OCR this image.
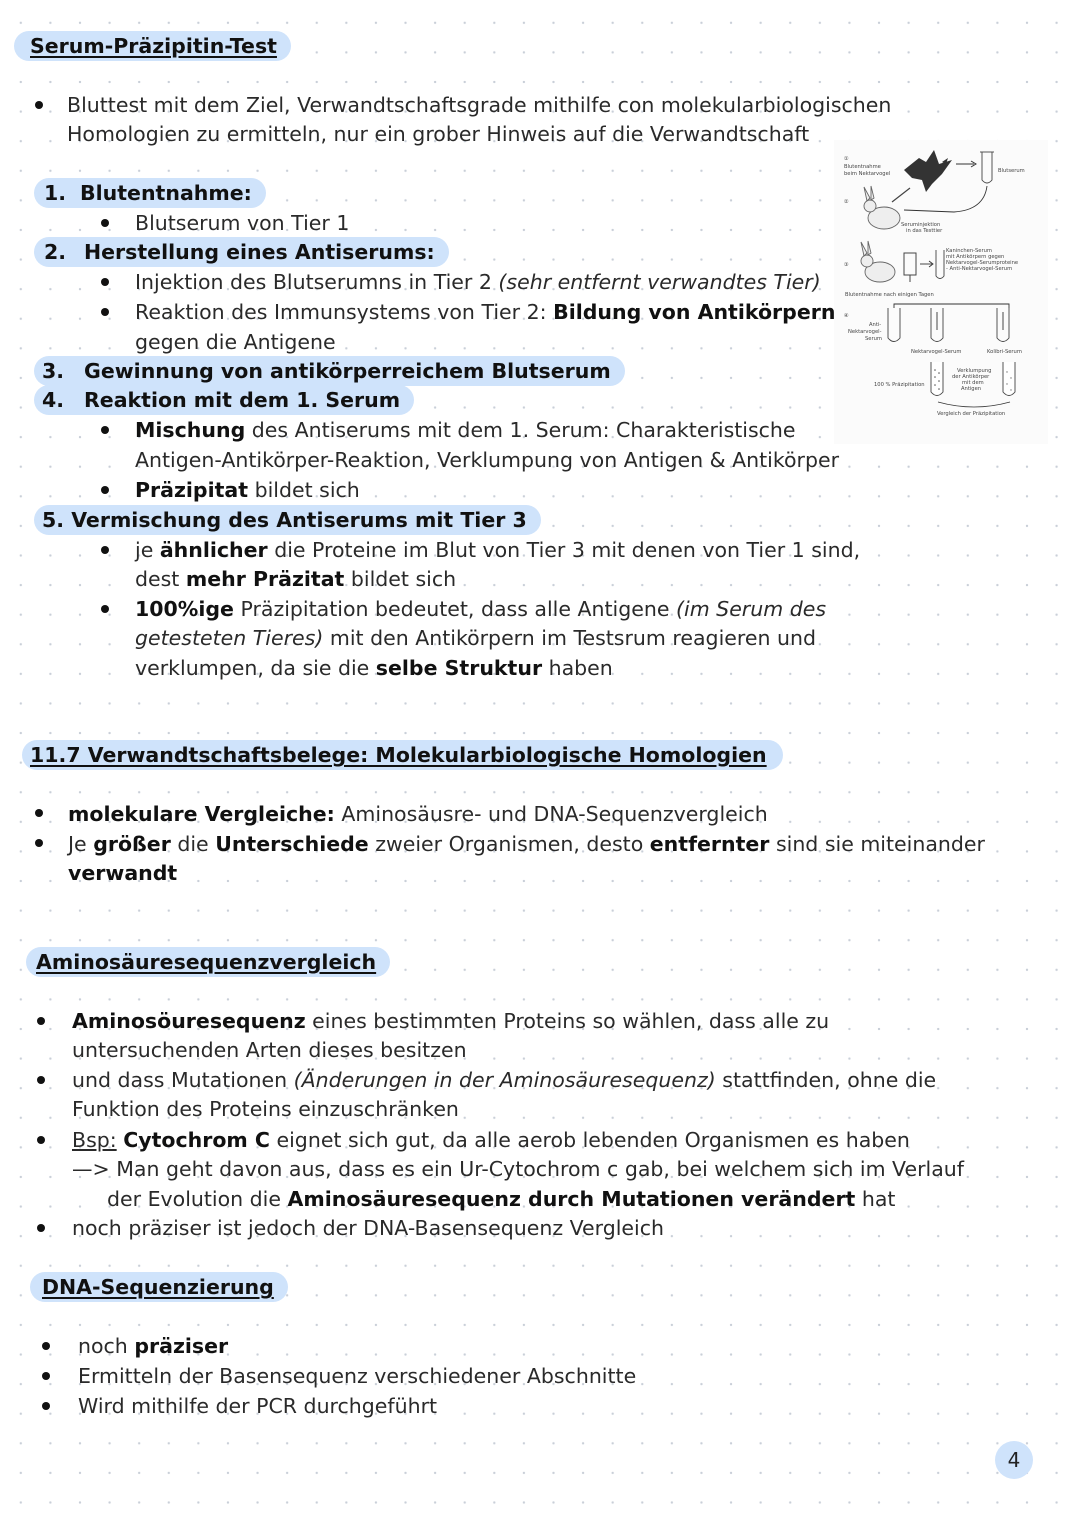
Serum-Präzipitin-Test
Bluttest mit dem Ziel, Verwandtschaftsgrade mithilfe con molekularbiologischen
Homologien zu ermitteln, nur ein grober Hinweis auf die Verwandtschaft
1. Blutentnahme:
Blutserum von Tier 1
2. Herstellung eines Antiserums:
Injektion des Blutserumns in Tier 2 (sehr entfernt verwandtes Tier)
Reaktion des Immunsystems von Tier 2: Bildung von Antikörpern
gegen die Antigene
3. Gewinnung von antikörperreichem Blutserum
4. Reaktion mit dem 1. Serum
Mischung des Antiserums mit dem 1. Serum: Charakteristische
Antigen-Antikörper-Reaktion, Verklumpung von Antigen & Antikörper
Präzipitat bildet sich
5. Vermischung des Antiserums mit Tier 3
je ähnlicher die Proteine im Blut von Tier 3 mit denen von Tier 1 sind,
dest mehr Präzitat bildet sich
100%ige Präzipitation bedeutet, dass alle Antigene (im Serum des
getesteten Tieres) mit den Antikörpern im Testsrum reagieren und
verklumpen, da sie die selbe Struktur haben
①
Blutentnahme
beim Nektarvogel	Blutserum
②
Seruminjektion
in das Testtier
③
Kaninchen-Serum
mit Antikörpern gegen
Nektarvogel-Serumproteine
- Anti-Nektarvogel-Serum
Blutentnahme nach einigen Tagen
④
Anti-
Nektarvogel-
Serum
Nektarvogel-Serum	Kolibri-Serum
100 % Präzipitation
Verklumpung
der Antikörper
mit dem
Antigen
Vergleich der Präzipitation
11.7 Verwandtschaftsbelege: Molekularbiologische Homologien
molekulare Vergleiche: Aminosäusre- und DNA-Sequenzvergleich
Je größer die Unterschiede zweier Organismen, desto entfernter sind sie miteinander
verwandt
Aminosäuresequenzvergleich
Aminosöuresequenz eines bestimmten Proteins so wählen, dass alle zu
untersuchenden Arten dieses besitzen
und dass Mutationen (Änderungen in der Aminosäuresequenz) stattfinden, ohne die
Funktion des Proteins einzuschränken
Bsp: Cytochrom C eignet sich gut, da alle aerob lebenden Organismen es haben
—> Man geht davon aus, dass es ein Ur-Cytochrom c gab, bei welchem sich im Verlauf
der Evolution die Aminosäuresequenz durch Mutationen verändert hat
noch präziser ist jedoch der DNA-Basensequenz Vergleich
DNA-Sequenzierung
noch präziser
Ermitteln der Basensequenz verschiedener Abschnitte
Wird mithilfe der PCR durchgeführt
4
